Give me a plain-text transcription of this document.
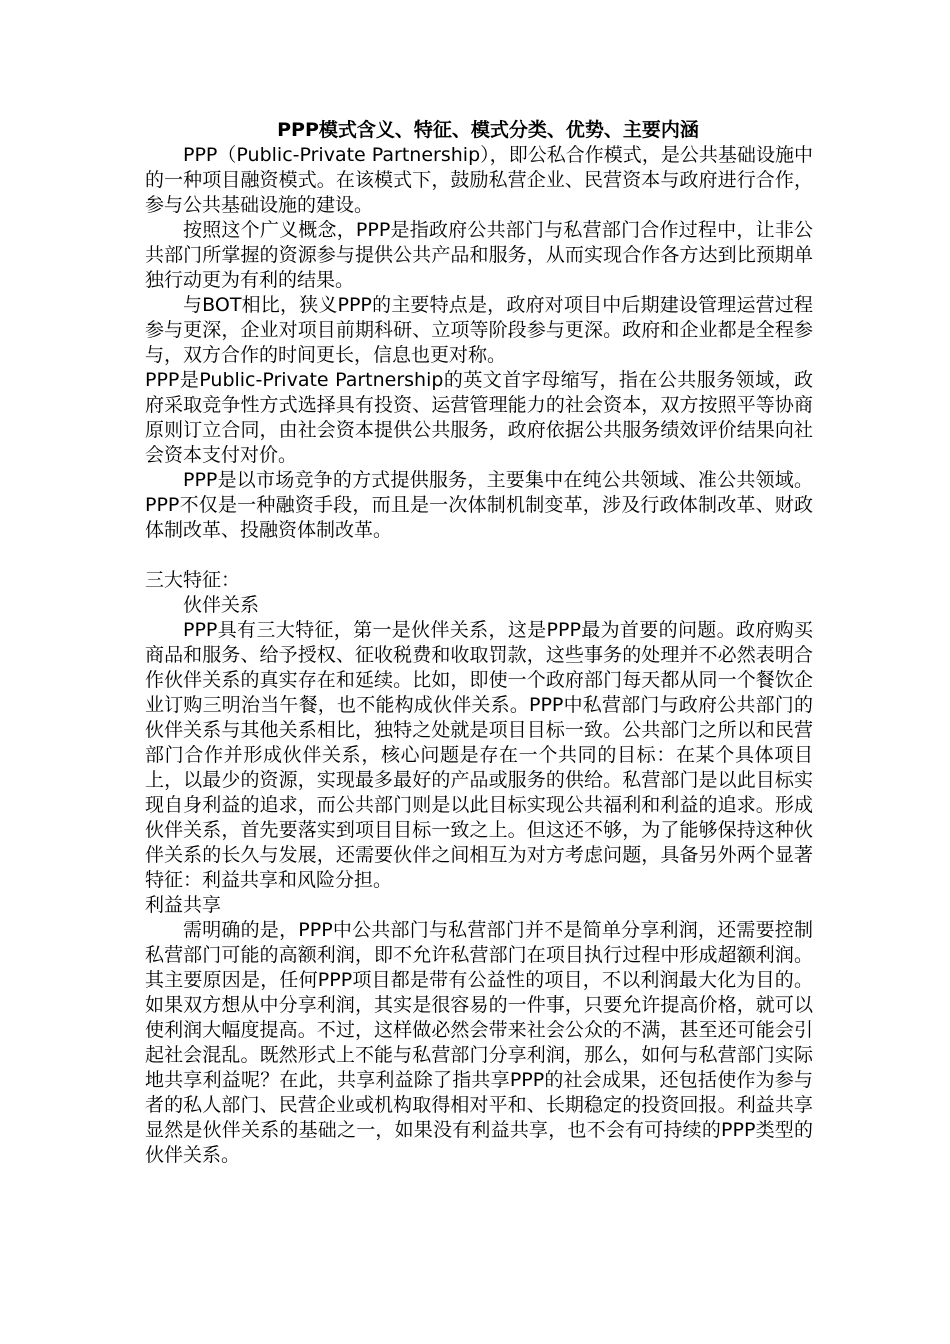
PPP模式含义、特征、模式分类、优势、主要内涵

PPP（Public-Private Partnership），即公私合作模式，是公共基础设施中的一种项目融资模式。在该模式下，鼓励私营企业、民营资本与政府进行合作，参与公共基础设施的建设。

按照这个广义概念，PPP是指政府公共部门与私营部门合作过程中，让非公共部门所掌握的资源参与提供公共产品和服务，从而实现合作各方达到比预期单独行动更为有利的结果。

与BOT相比，狭义PPP的主要特点是，政府对项目中后期建设管理运营过程参与更深，企业对项目前期科研、立项等阶段参与更深。政府和企业都是全程参与，双方合作的时间更长，信息也更对称。

PPP是Public-Private Partnership的英文首字母缩写，指在公共服务领域，政府采取竞争性方式选择具有投资、运营管理能力的社会资本，双方按照平等协商原则订立合同，由社会资本提供公共服务，政府依据公共服务绩效评价结果向社会资本支付对价。

PPP是以市场竞争的方式提供服务，主要集中在纯公共领域、准公共领域。PPP不仅是一种融资手段，而且是一次体制机制变革，涉及行政体制改革、财政体制改革、投融资体制改革。

三大特征：

伙伴关系

PPP具有三大特征，第一是伙伴关系，这是PPP最为首要的问题。政府购买商品和服务、给予授权、征收税费和收取罚款，这些事务的处理并不必然表明合作伙伴关系的真实存在和延续。比如，即使一个政府部门每天都从同一个餐饮企业订购三明治当午餐，也不能构成伙伴关系。PPP中私营部门与政府公共部门的伙伴关系与其他关系相比，独特之处就是项目目标一致。公共部门之所以和民营部门合作并形成伙伴关系，核心问题是存在一个共同的目标：在某个具体项目上，以最少的资源，实现最多最好的产品或服务的供给。私营部门是以此目标实现自身利益的追求，而公共部门则是以此目标实现公共福利和利益的追求。形成伙伴关系，首先要落实到项目目标一致之上。但这还不够，为了能够保持这种伙伴关系的长久与发展，还需要伙伴之间相互为对方考虑问题，具备另外两个显著特征：利益共享和风险分担。

利益共享

需明确的是，PPP中公共部门与私营部门并不是简单分享利润，还需要控制私营部门可能的高额利润，即不允许私营部门在项目执行过程中形成超额利润。其主要原因是，任何PPP项目都是带有公益性的项目，不以利润最大化为目的。如果双方想从中分享利润，其实是很容易的一件事，只要允许提高价格，就可以使利润大幅度提高。不过，这样做必然会带来社会公众的不满，甚至还可能会引起社会混乱。既然形式上不能与私营部门分享利润，那么，如何与私营部门实际地共享利益呢？在此，共享利益除了指共享PPP的社会成果，还包括使作为参与者的私人部门、民营企业或机构取得相对平和、长期稳定的投资回报。利益共享显然是伙伴关系的基础之一，如果没有利益共享，也不会有可持续的PPP类型的伙伴关系。
